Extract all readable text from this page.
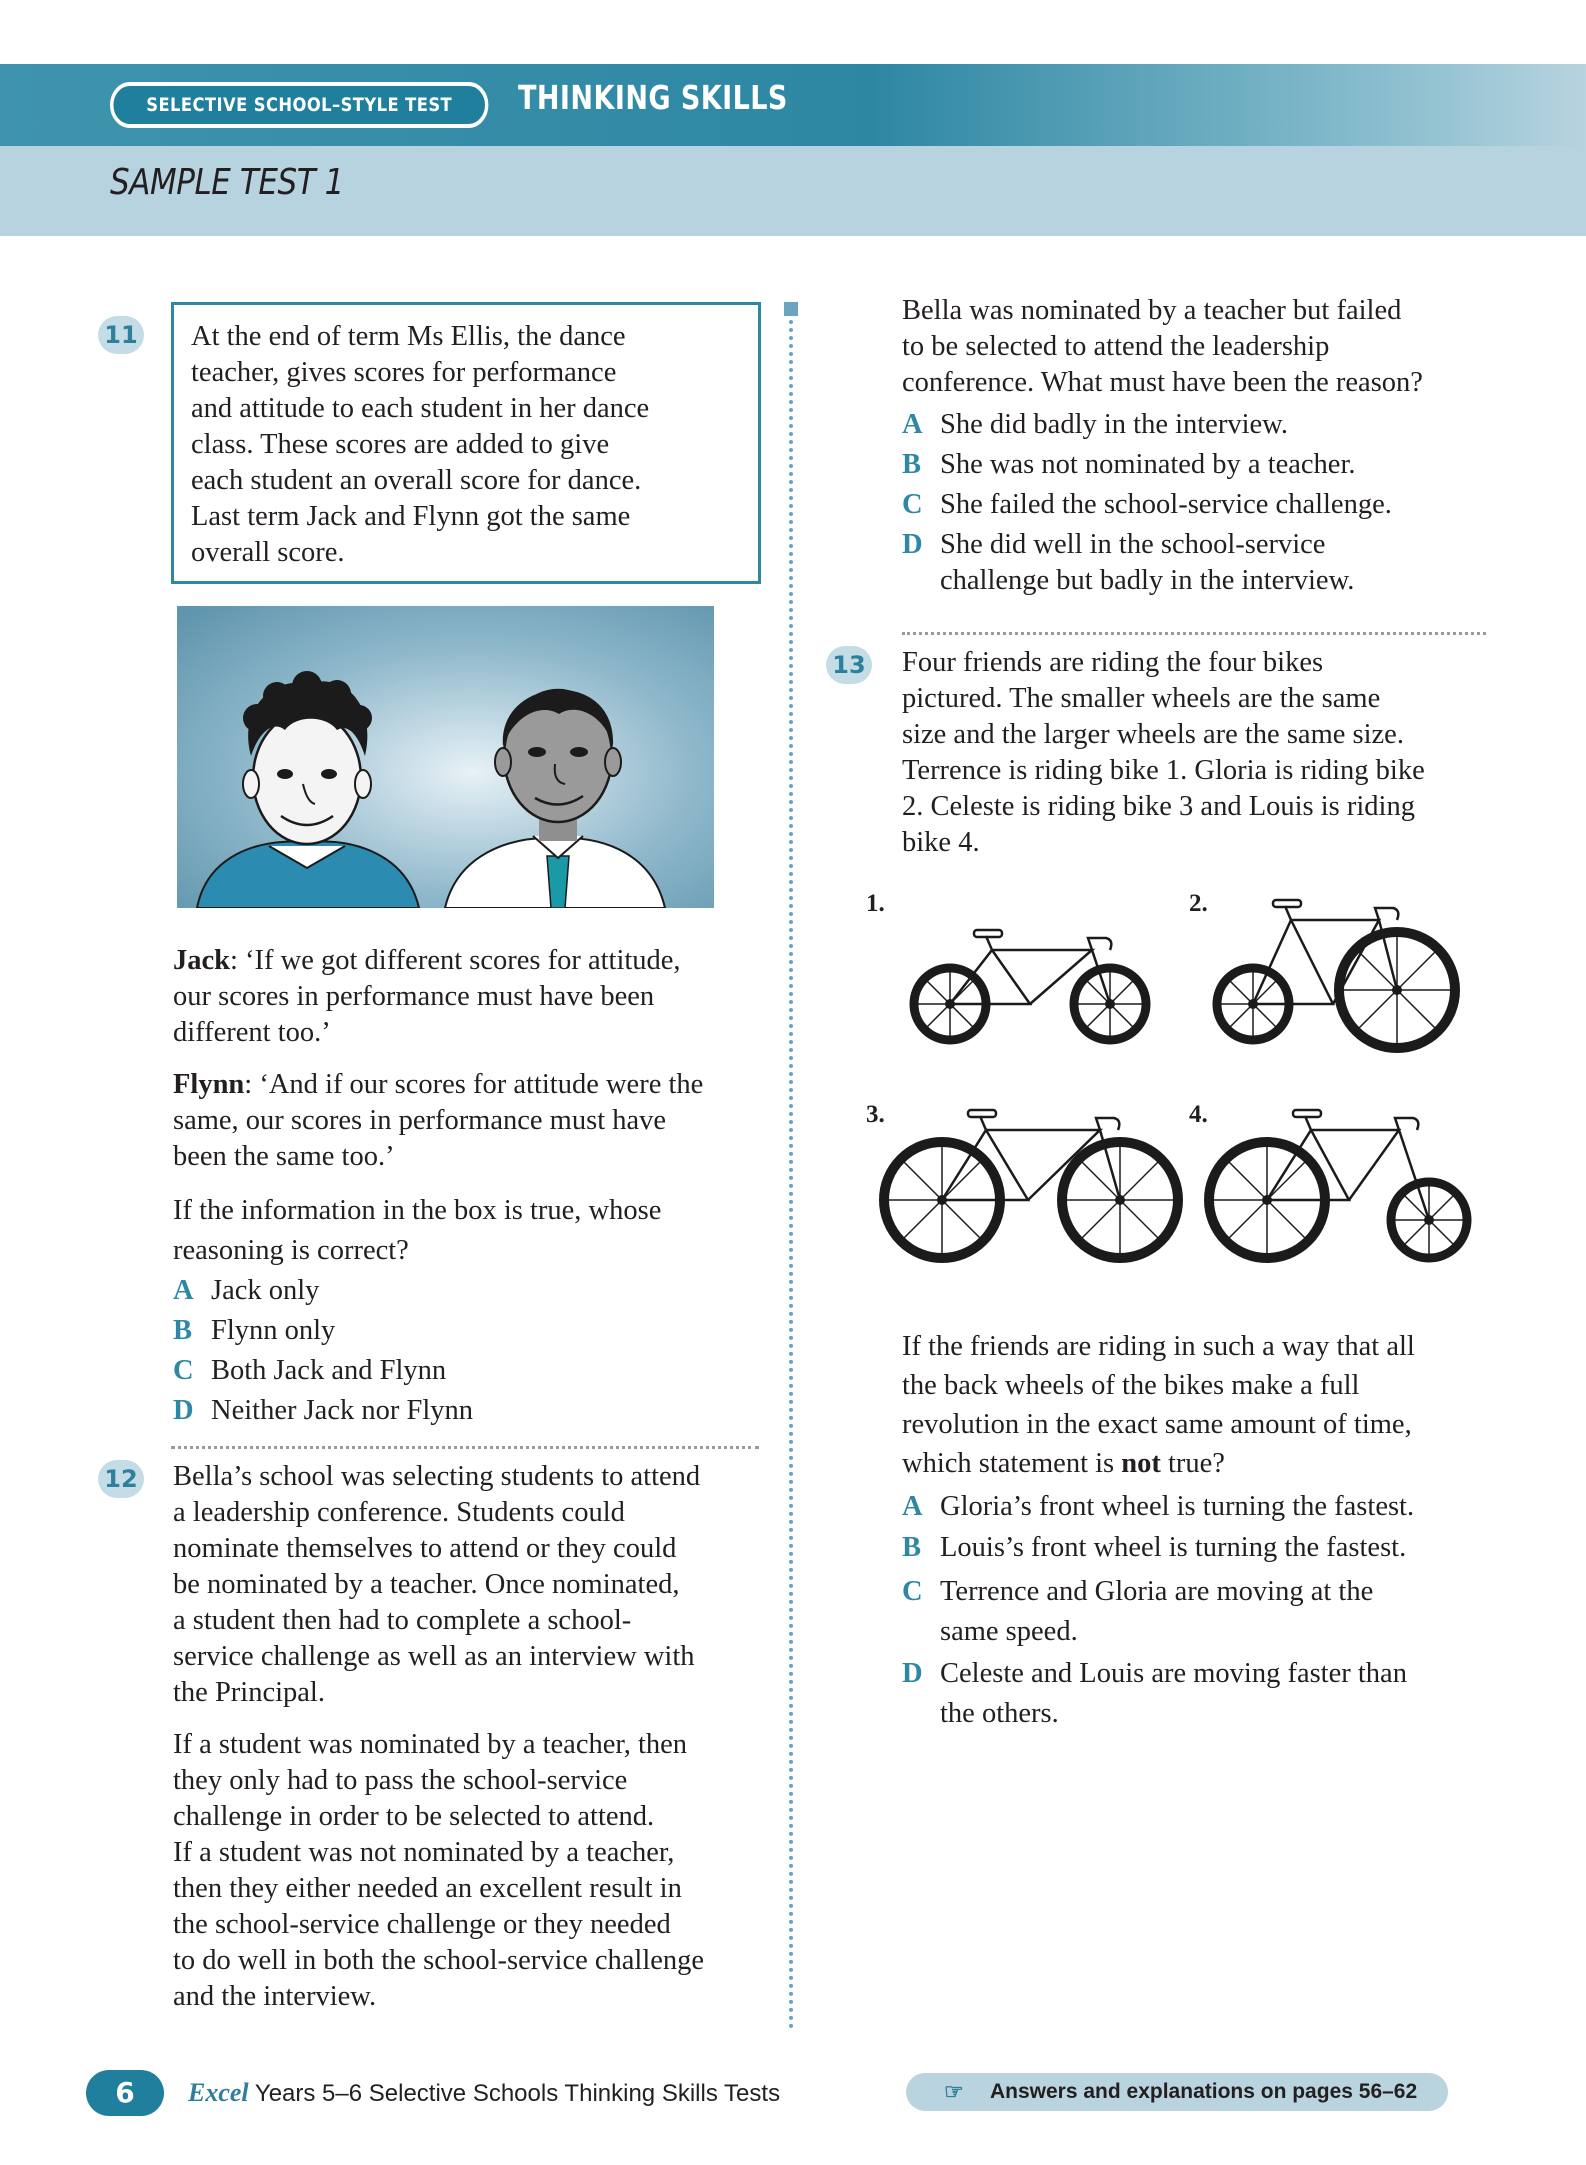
SELECTIVE SCHOOL–STYLE TEST	THINKING SKILLS
SAMPLE TEST 1
11 At the end of term Ms Ellis, the dance
teacher, gives scores for performance
and attitude to each student in her dance
class. These scores are added to give
each student an overall score for dance.
Last term Jack and Flynn got the same
overall score.
Jack: ‘If we got different scores for attitude,
our scores in performance must have been
different too.’
Flynn: ‘And if our scores for attitude were the
same, our scores in performance must have
been the same too.’
If the information in the box is true, whose
reasoning is correct?
A Jack only
B Flynn only
C Both Jack and Flynn
D Neither Jack nor Flynn
12 Bella’s school was selecting students to attend
a leadership conference. Students could
nominate themselves to attend or they could
be nominated by a teacher. Once nominated,
a student then had to complete a school-
service challenge as well as an interview with
the Principal.
If a student was nominated by a teacher, then
they only had to pass the school-service
challenge in order to be selected to attend.
If a student was not nominated by a teacher,
then they either needed an excellent result in
the school-service challenge or they needed
to do well in both the school-service challenge
and the interview.
Bella was nominated by a teacher but failed
to be selected to attend the leadership
conference. What must have been the reason?
A She did badly in the interview.
B She was not nominated by a teacher.
C She failed the school-service challenge.
D She did well in the school-service
challenge but badly in the interview.
13 Four friends are riding the four bikes
pictured. The smaller wheels are the same
size and the larger wheels are the same size.
Terrence is riding bike 1. Gloria is riding bike
2. Celeste is riding bike 3 and Louis is riding
bike 4.
1.	2.
3.	4.
If the friends are riding in such a way that all
the back wheels of the bikes make a full
revolution in the exact same amount of time,
which statement is not true?
A Gloria’s front wheel is turning the fastest.
B Louis’s front wheel is turning the fastest.
C Terrence and Gloria are moving at the
same speed.
D Celeste and Louis are moving faster than
the others.
6	Excel Years 5–6 Selective Schools Thinking Skills Tests	☞ Answers and explanations on pages 56–62
